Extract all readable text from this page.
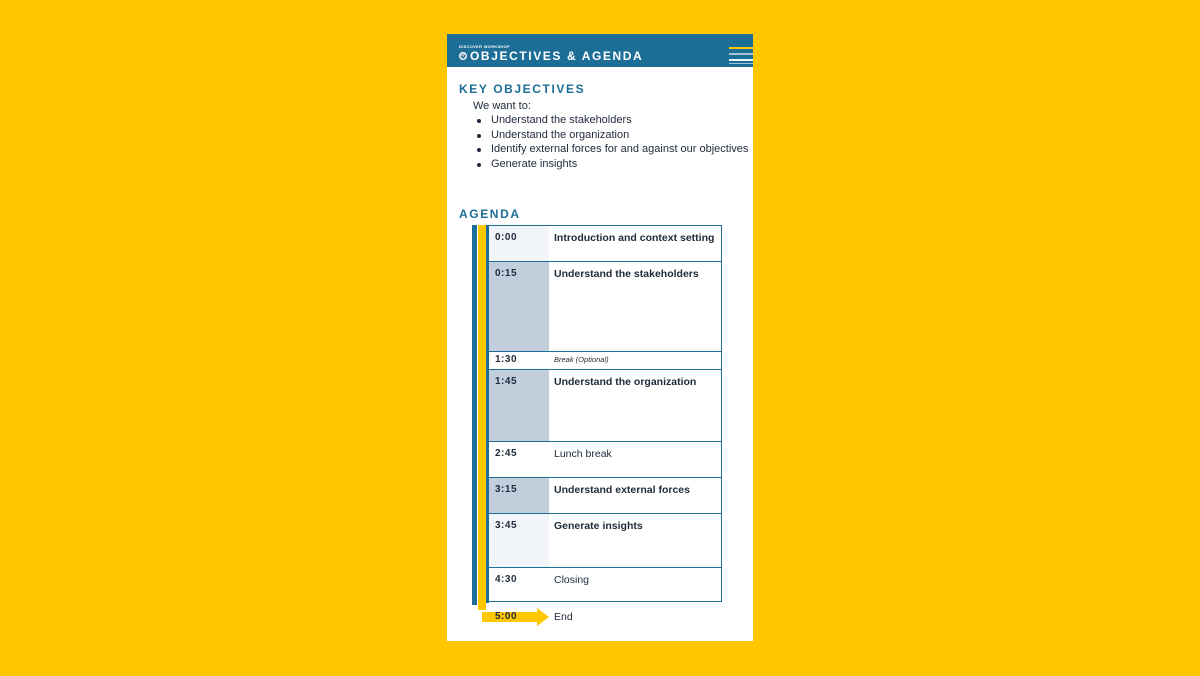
DISCOVER WORKSHOP
OBJECTIVES & AGENDA
KEY OBJECTIVES
We want to:
Understand the stakeholders
Understand the organization
Identify external forces for and against our objectives
Generate insights
AGENDA
0:00	Introduction and context setting
0:15	Understand the stakeholders
1:30	Break (Optional)
1:45	Understand the organization
2:45	Lunch break
3:15	Understand external forces
3:45	Generate insights
4:30	Closing
5:00	End
